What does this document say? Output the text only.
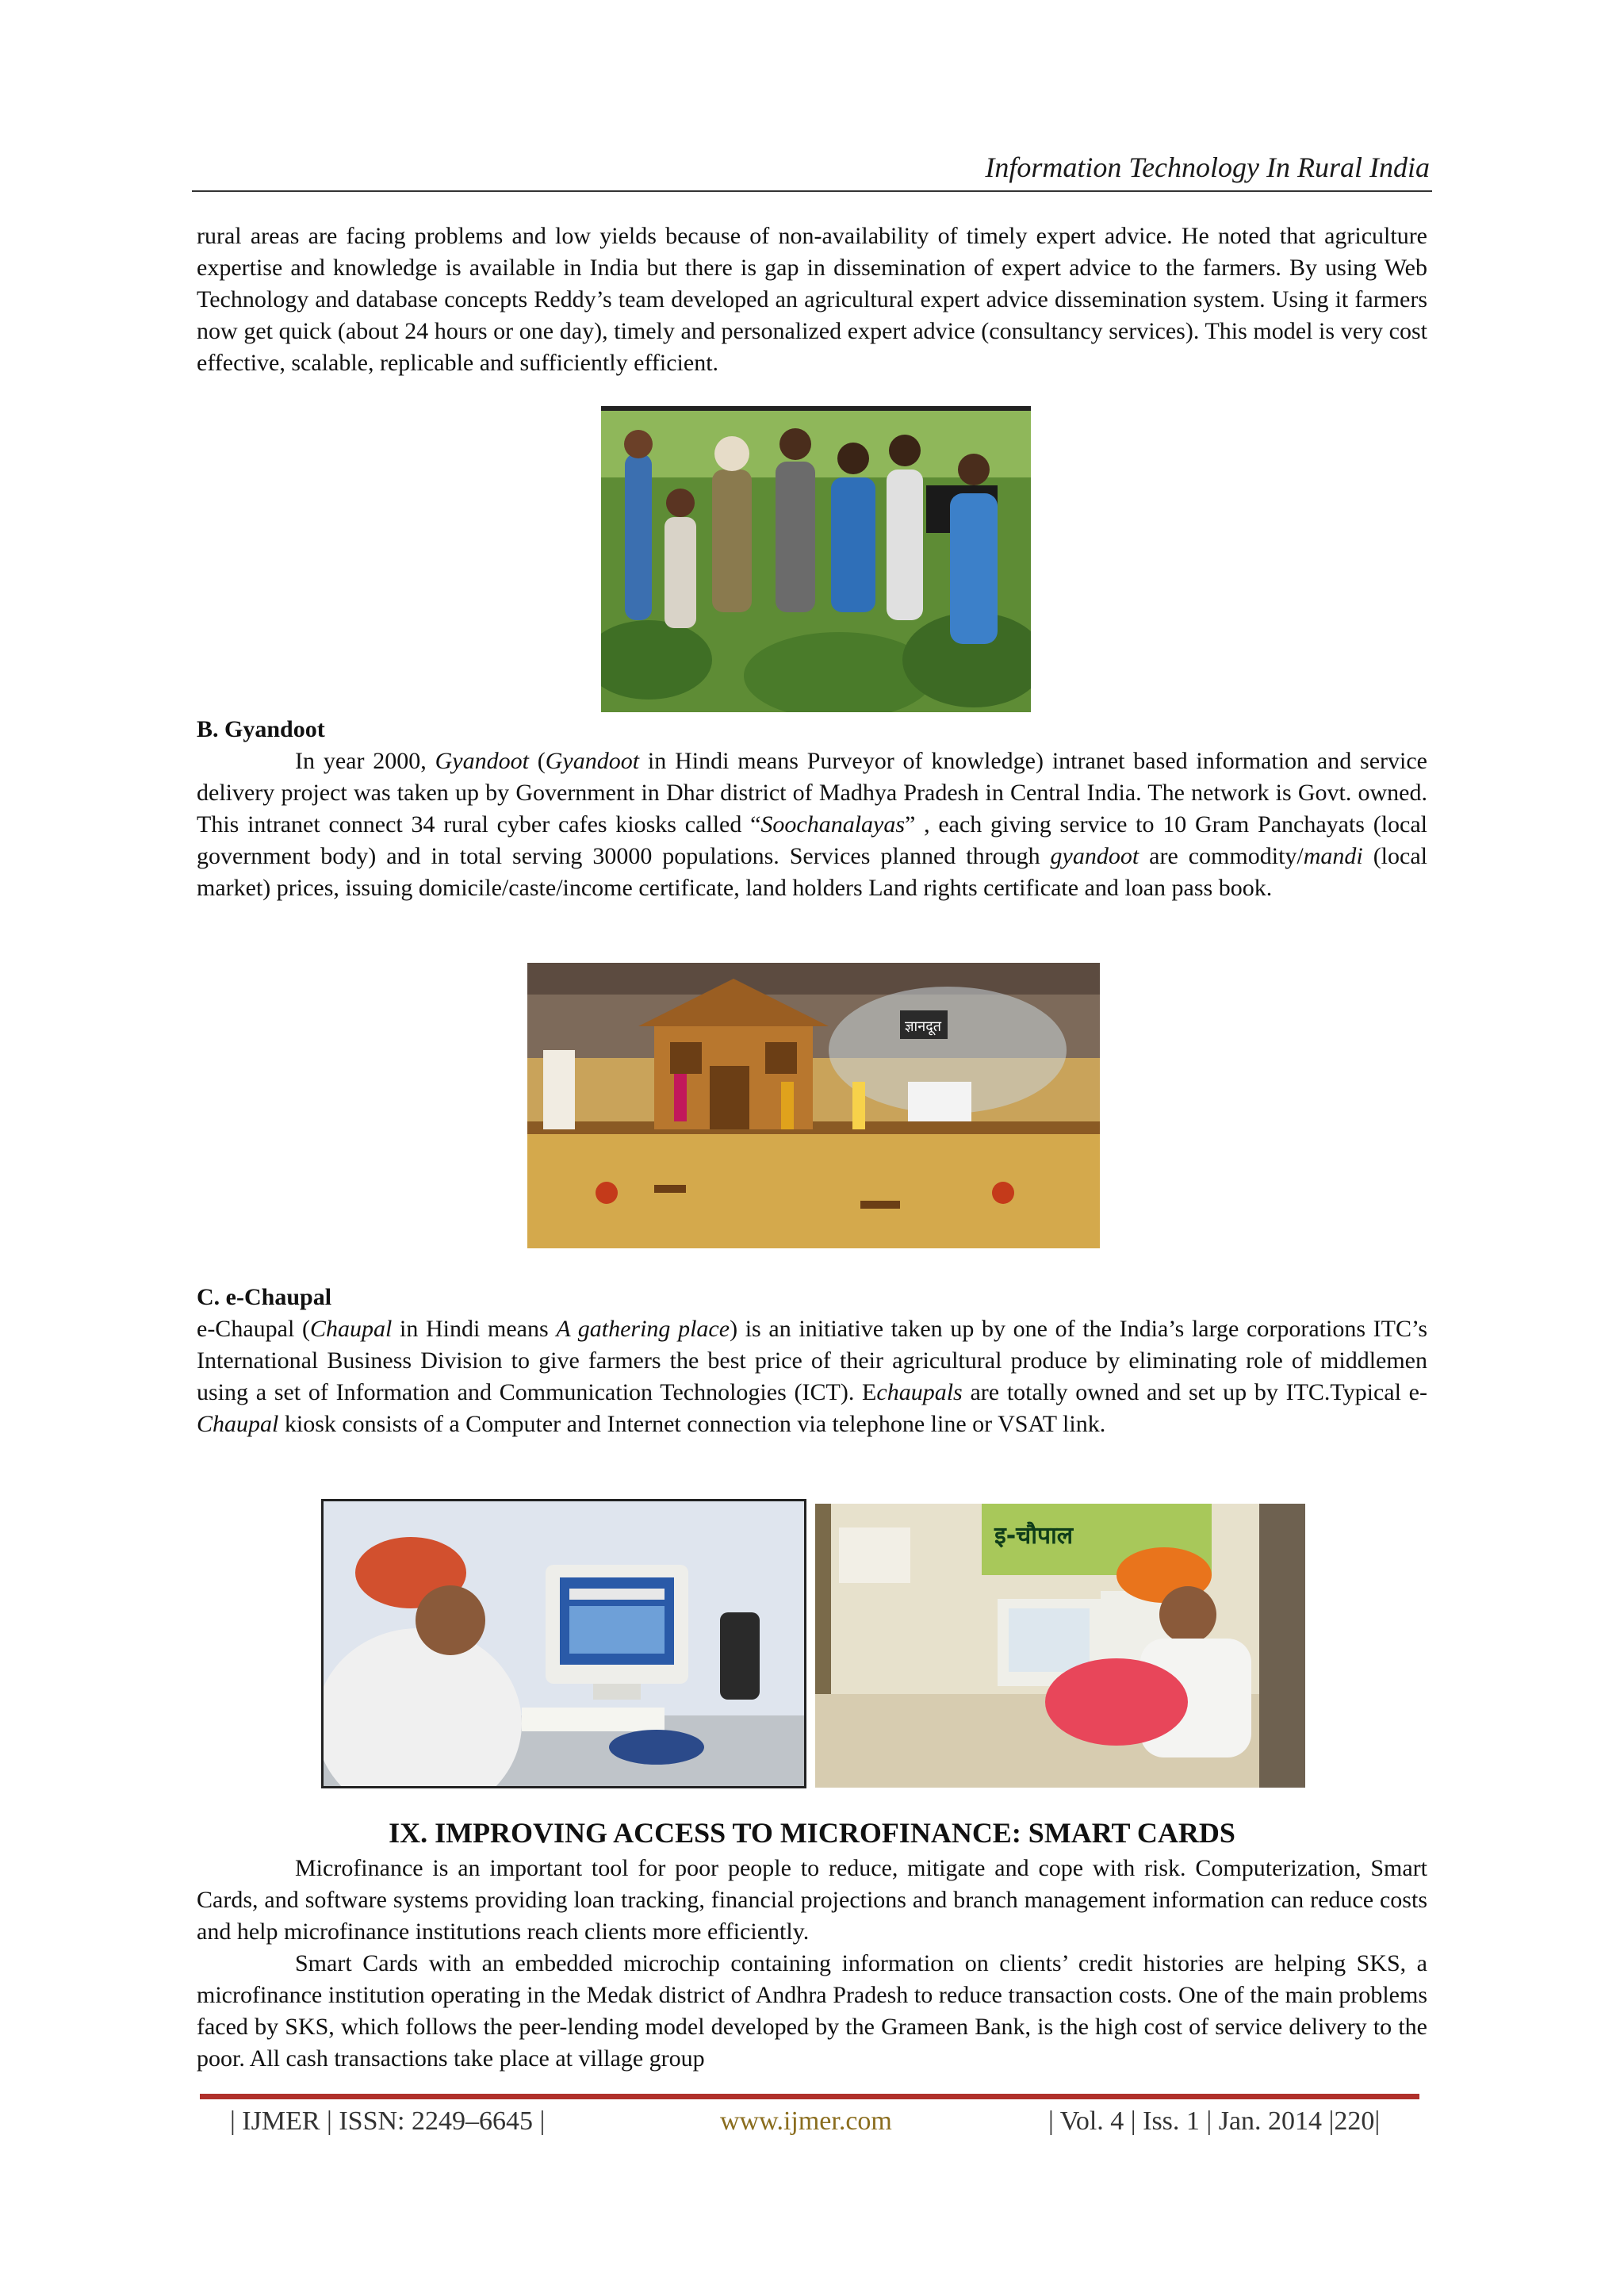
Information Technology In Rural India

rural areas are facing problems and low yields because of non-availability of timely expert advice. He noted that agriculture expertise and knowledge is available in India but there is gap in dissemination of expert advice to the farmers. By using Web Technology and database concepts Reddy’s team developed an agricultural expert advice dissemination system. Using it farmers now get quick (about 24 hours or one day), timely and personalized expert advice (consultancy services). This model is very cost effective, scalable, replicable and sufficiently efficient.

B. Gyandoot

In year 2000, Gyandoot (Gyandoot in Hindi means Purveyor of knowledge) intranet based information and service delivery project was taken up by Government in Dhar district of Madhya Pradesh in Central India. The network is Govt. owned. This intranet connect 34 rural cyber cafes kiosks called “Soochanalayas” , each giving service to 10 Gram Panchayats (local government body) and in total serving 30000 populations. Services planned through gyandoot are commodity/mandi (local market) prices, issuing domicile/caste/income certificate, land holders Land rights certificate and loan pass book.

ज्ञानदूत
C. e-Chaupal

e-Chaupal (Chaupal in Hindi means A gathering place) is an initiative taken up by one of the India’s large corporations ITC’s International Business Division to give farmers the best price of their agricultural produce by eliminating role of middlemen using a set of Information and Communication Technologies (ICT). Echaupals are totally owned and set up by ITC.Typical e-Chaupal kiosk consists of a Computer and Internet connection via telephone line or VSAT link.

इ-चौपाल
IX. IMPROVING ACCESS TO MICROFINANCE: SMART CARDS

Microfinance is an important tool for poor people to reduce, mitigate and cope with risk. Computerization, Smart Cards, and software systems providing loan tracking, financial projections and branch management information can reduce costs and help microfinance institutions reach clients more efficiently.

Smart Cards with an embedded microchip containing information on clients’ credit histories are helping SKS, a microfinance institution operating in the Medak district of Andhra Pradesh to reduce transaction costs. One of the main problems faced by SKS, which follows the peer-lending model developed by the Grameen Bank, is the high cost of service delivery to the poor. All cash transactions take place at village group

| IJMER | ISSN: 2249–6645 |	www.ijmer.com	| Vol. 4 | Iss. 1 | Jan. 2014 |220|
